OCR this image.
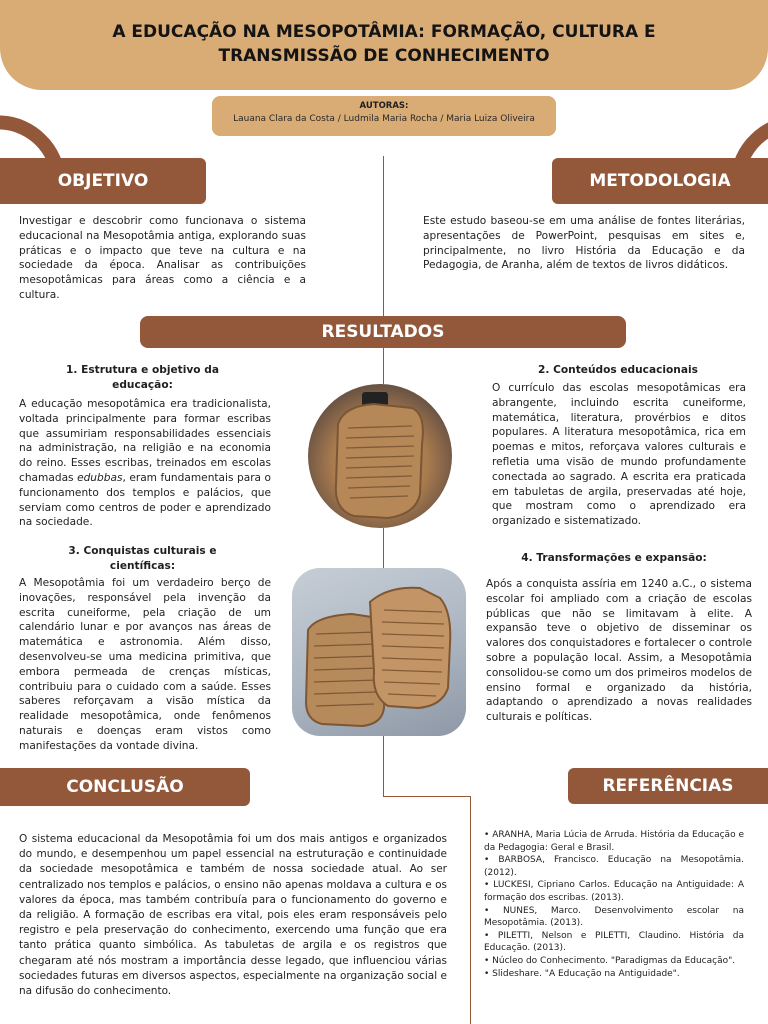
A EDUCAÇÃO NA MESOPOTÂMIA: FORMAÇÃO, CULTURA E
TRANSMISSÃO DE CONHECIMENTO
AUTORAS:
Lauana Clara da Costa / Ludmila Maria Rocha / Maria Luiza Oliveira
OBJETIVO
Investigar e descobrir como funcionava o sistema educacional na Mesopotâmia antiga, explorando suas práticas e o impacto que teve na cultura e na sociedade da época. Analisar as contribuições mesopotâmicas para áreas como a ciência e a cultura.
METODOLOGIA
Este estudo baseou-se em uma análise de fontes literárias, apresentações de PowerPoint, pesquisas em sites e, principalmente, no livro História da Educação e da Pedagogia, de Aranha, além de textos de livros didáticos.
RESULTADOS
1. Estrutura e objetivo da
educação:
A educação mesopotâmica era tradicionalista, voltada principalmente para formar escribas que assumiriam responsabilidades essenciais na administração, na religião e na economia do reino. Esses escribas, treinados em escolas chamadas edubbas, eram fundamentais para o funcionamento dos templos e palácios, que serviam como centros de poder e aprendizado na sociedade.
2. Conteúdos educacionais
O currículo das escolas mesopotâmicas era abrangente, incluindo escrita cuneiforme, matemática, literatura, provérbios e ditos populares. A literatura mesopotâmica, rica em poemas e mitos, reforçava valores culturais e refletia uma visão de mundo profundamente conectada ao sagrado. A escrita era praticada em tabuletas de argila, preservadas até hoje, que mostram como o aprendizado era organizado e sistematizado.
3. Conquistas culturais e
científicas:
A Mesopotâmia foi um verdadeiro berço de inovações, responsável pela invenção da escrita cuneiforme, pela criação de um calendário lunar e por avanços nas áreas de matemática e astronomia. Além disso, desenvolveu-se uma medicina primitiva, que embora permeada de crenças místicas, contribuiu para o cuidado com a saúde. Esses saberes reforçavam a visão mística da realidade mesopotâmica, onde fenômenos naturais e doenças eram vistos como manifestações da vontade divina.
4. Transformações e expansão:
Após a conquista assíria em 1240 a.C., o sistema escolar foi ampliado com a criação de escolas públicas que não se limitavam à elite. A expansão teve o objetivo de disseminar os valores dos conquistadores e fortalecer o controle sobre a população local. Assim, a Mesopotâmia consolidou-se como um dos primeiros modelos de ensino formal e organizado da história, adaptando o aprendizado a novas realidades culturais e políticas.
CONCLUSÃO
O sistema educacional da Mesopotâmia foi um dos mais antigos e organizados do mundo, e desempenhou um papel essencial na estruturação e continuidade da sociedade mesopotâmica e também de nossa sociedade atual. Ao ser centralizado nos templos e palácios, o ensino não apenas moldava a cultura e os valores da época, mas também contribuía para o funcionamento do governo e da religião. A formação de escribas era vital, pois eles eram responsáveis pelo registro e pela preservação do conhecimento, exercendo uma função que era tanto prática quanto simbólica. As tabuletas de argila e os registros que chegaram até nós mostram a importância desse legado, que influenciou várias sociedades futuras em diversos aspectos, especialmente na organização social e na difusão do conhecimento.
REFERÊNCIAS
• ARANHA, Maria Lúcia de Arruda. História da Educação e da Pedagogia: Geral e Brasil.
• BARBOSA, Francisco. Educação na Mesopotâmia. (2012).
• LUCKESI, Cipriano Carlos. Educação na Antiguidade: A formação dos escribas. (2013).
• NUNES, Marco. Desenvolvimento escolar na Mesopotâmia. (2013).
• PILETTI, Nelson e PILETTI, Claudino. História da Educação. (2013).
• Núcleo do Conhecimento. "Paradigmas da Educação".
• Slideshare. "A Educação na Antiguidade".
